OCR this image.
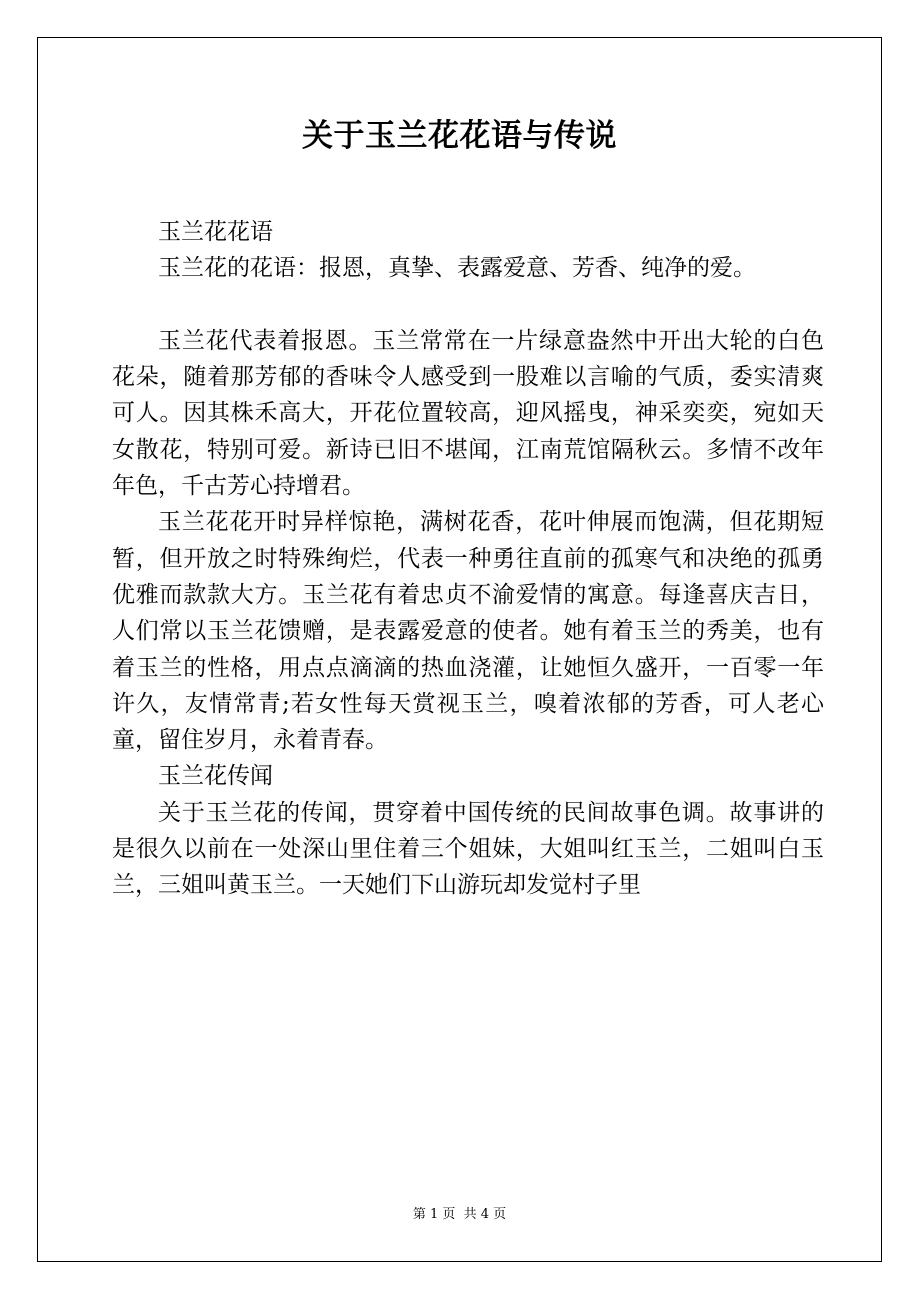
关于玉兰花花语与传说

玉兰花花语

玉兰花的花语：报恩，真挚、表露爱意、芳香、纯净的爱。

玉兰花代表着报恩。玉兰常常在一片绿意盎然中开出大轮的白色花朵，随着那芳郁的香味令人感受到一股难以言喻的气质，委实清爽可人。因其株禾高大，开花位置较高，迎风摇曳，神采奕奕，宛如天女散花，特别可爱。新诗已旧不堪闻，江南荒馆隔秋云。多情不改年年色，千古芳心持增君。

玉兰花花开时异样惊艳，满树花香，花叶伸展而饱满，但花期短暂，但开放之时特殊绚烂，代表一种勇往直前的孤寒气和决绝的孤勇优雅而款款大方。玉兰花有着忠贞不渝爱情的寓意。每逢喜庆吉日，人们常以玉兰花馈赠，是表露爱意的使者。她有着玉兰的秀美，也有着玉兰的性格，用点点滴滴的热血浇灌，让她恒久盛开，一百零一年许久，友情常青;若女性每天赏视玉兰，嗅着浓郁的芳香，可人老心童，留住岁月，永着青春。

玉兰花传闻

关于玉兰花的传闻，贯穿着中国传统的民间故事色调。故事讲的是很久以前在一处深山里住着三个姐妹，大姐叫红玉兰，二姐叫白玉兰，三姐叫黄玉兰。一天她们下山游玩却发觉村子里

第 1 页 共 4 页
